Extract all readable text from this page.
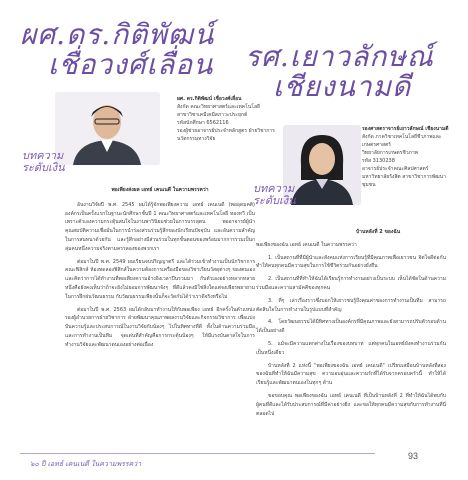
ผศ.ดร.กิติพัฒน์
เชื่อวงศ์เลื่อน
บทความ
ระดับเงิน
ผศ. ดร.กิติพัฒน์ เชื่อวงศ์เลื่อน
สังกัด คณะวิทยาศาสตร์และเทคโนโลยี
สาขาวิชาเคมีเคมีสภาวะประยุกต์
รหัสนักศึกษา 6562116
รองผู้ช่วยอาจารย์ประจำหลักสูตร ฝ่ายวิชาการ
นวัตกรรมทางวิจัย
พอเพียงส่งผล เอทธ์ เคนเนดี ในความพรรคว่า

อันงานวิจัยปี พ.ศ. 2545 ผมได้รู้จักพอเพียงความ เอทธ์ เคนเนดี (พออุดมคติ) องค์กรเป็นครั้งแรกในฐานะนักศึกษาชั้นปี 1 คณะวิทยาศาสตร์และเทคโนโลยี ทองทวี เป็นเพราะตัวเองความกระตุ้นสนใจในงานพาวินิยมช่วยในการบรรลุตน พออาจารย์ผู้นำคุณสมบัติความเชื่อมั่นในการนำร่องส่วนร่วมรู้สึกของนักเรียนปัจจุบัน และอันความสำคัญในการสนทนาด้วยกัน และรู้สึกอย่างมีส่วนร่วมในทุกขั้นตอนของพร้อมมากการรวมเป็นกลุ่มคนหนึ่งความจริงตามครรลองของพวกเรา

ต่อมาในปี พ.ศ. 2549 ผมเรียนจบปริญญาตรี และได้ร่วมเข้าทำงานเป็นนักวิชาการคณะฟิสิกส์ ห้องทดลองฟิสิกส์ในความต้องการเครื่องมือของวิชาเรียนวัสดุต่างๆ ของตนเอง และคิดว่าการได้ทำงานที่พอเพียงความอ้างอิงเวลาปีนรวมมา กับตัวเองอย่างหลากหลายหนึ่งคือยังคงเห็นว่าถ้าจะยังไม่ยอมการพัฒนาจังๆ ที่ดีแล้วคงมิใช่สิ่งใดแต่จงเพียรพยายามในการฝึกฝนวัฒนธรรม กับวัฒนธรรมเพียงนั้นก็จะวัดกันได้ว่าเราดีจริงหรือไม่

ต่อมาในปี พ.ศ. 2563 ผมได้กลับมาทำงานให้กับพอเพียง เอทธ์ อีกครั้งในตำแหน่ง รองผู้อำนวยการฝ่ายวิชาการ ฝ่ายพัฒนาคุณภาพผลงานวิจัยและกิจกรรมวิชาการ เพื่อแบ่งปันความรู้และประสบการณ์ในงานวิจัยกับน้องๆ ไปในทิศทางที่ดี ทั้งในด้านความร่วมมือและการทำงานเป็นทีม จุดเด่นที่สำคัญคือการกระตุ้นน้องๆ ให้มีแรงบันดาลใจในการทำงานวิจัยและพัฒนาตนเองอย่างต่อเนื่อง

รศ.เยาวลักษณ์
เชียงนามดี
บทความ
ระดับเงิน
รองศาสตราจารย์เยาวลักษณ์ เชียงนามดี
สังกัด ภาควิชาเทคโนโลยีชีวภาพและเกษตรศาสตร์
วิทยาลัยการเกษตรชีวภาพ
รหัส 3130238
อาจารย์ประจำคณะศิลปศาสตร์
มหาวิทยาลัยรังสิต สาขาวิชาการพัฒนาชุมชน
บ้านหลังที่ 2 ของฉัน

พอเพียงของฉัน เอทธ์ เคนเนดี ในความพรรคว่า

1. เป็นสถานที่ที่มีผู้นำและสังคมแห่งการเรียนรู้ที่มีคุณภาพเพื่อเยาวชน จิตใจดีต่อกัน ทำให้คนทุกคนมีความสุขในการใช้ชีวิตร่วมกันอย่างยั่งยืน

2. เป็นสถานที่ที่ทำให้ฉันได้เรียนรู้การทำงานอย่างเป็นระบบ เห็นได้ชัดในด้านความร่วมมือและความสามัคคีของทุกคน

3. ที่ๆ เล่าเรื่องราวซึ่งบอกให้เยาวชนรู้ถึงคุณค่าของการทำงานเป็นทีม สามารถตัดสินใจในการทำงานในรูปแบบที่สำคัญ

4. โดยวัฒนธรรมได้มีทิศทางเป็นองค์กรที่มีคุณภาพและยังสามารถปรับตัวรอบด้านได้เป็นอย่างดี

5. แม้จะมีความแตกต่างในเรื่องของบทบาท แต่ทุกคนในเอทธ์ยังคงทำงานร่วมกันเป็นหนึ่งเดียว

บ้านหลังที่ 2 แห่งนี้ "พอเพียงของฉัน เอทธ์ เคนเนดี" เปรียบเสมือนบ้านหลังที่สองของฉันที่ทำให้ฉันมีความสุข ความอบอุ่นและความรักที่ได้รับจากครอบครัวนี้ ทำให้ได้เรียนรู้และพัฒนาตนเองในทุกๆ ด้าน

ขอขอบคุณ พอเพียงของฉัน เอทธ์ เคนเนดี ที่เป็นบ้านหลังที่ 2 ที่ทำให้ฉันได้พบกับผู้คนที่ดีและได้รับประสบการณ์ที่มีค่าอย่างยิ่ง และขอให้ทุกคนมีความสุขกับการทำงานที่นี่ตลอดไป

๖๐ ปี เอทธ์ เคนเนดี ในความพรรคว่า
93
